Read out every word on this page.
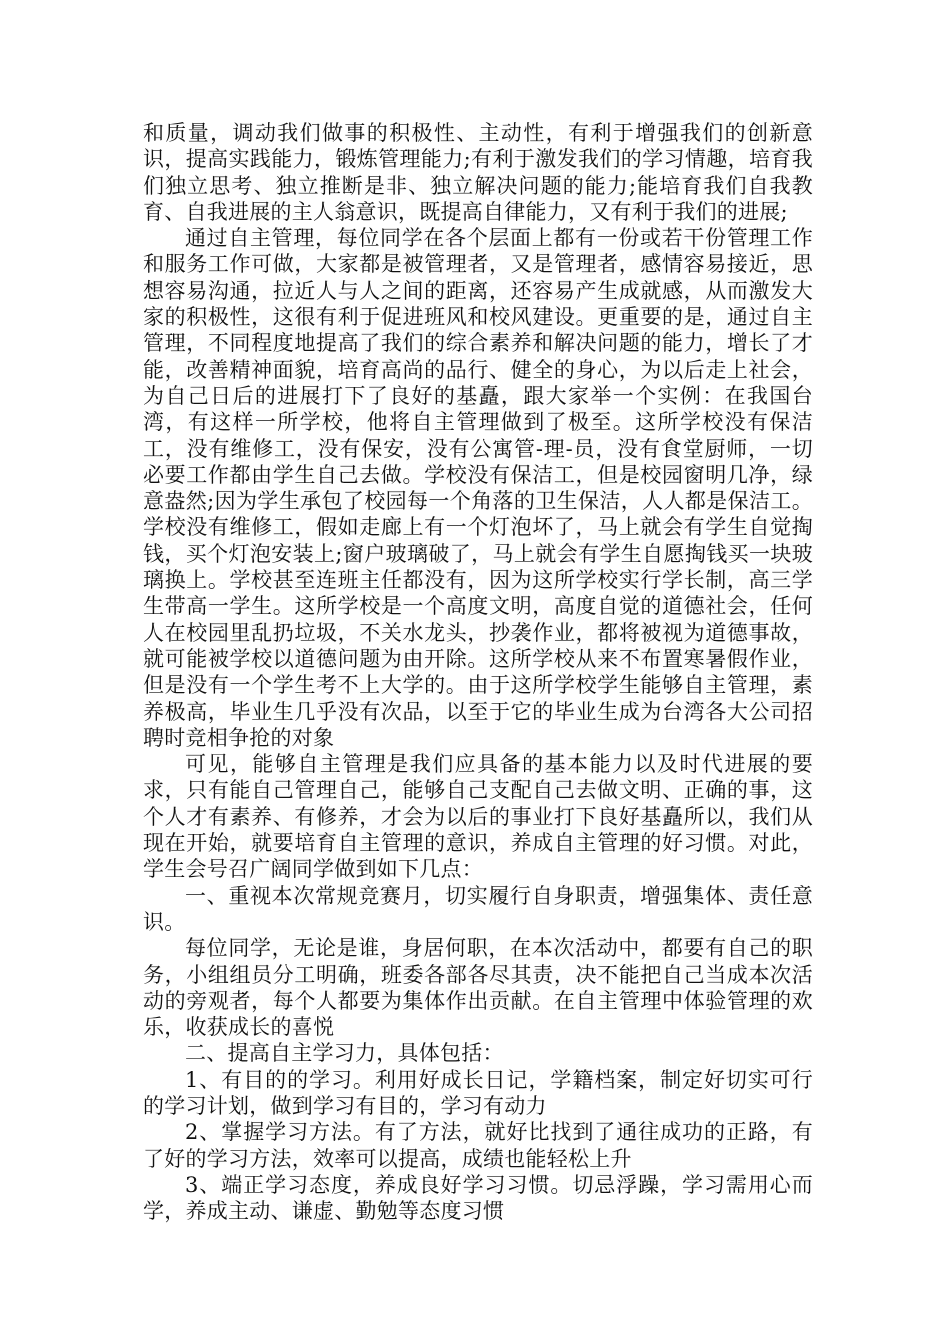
和质量，调动我们做事的积极性、主动性，有利于增强我们的创新意识，提高实践能力，锻炼管理能力;有利于激发我们的学习情趣，培育我们独立思考、独立推断是非、独立解决问题的能力;能培育我们自我教育、自我进展的主人翁意识，既提高自律能力，又有利于我们的进展;

通过自主管理，每位同学在各个层面上都有一份或若干份管理工作和服务工作可做，大家都是被管理者，又是管理者，感情容易接近，思想容易沟通，拉近人与人之间的距离，还容易产生成就感，从而激发大家的积极性，这很有利于促进班风和校风建设。更重要的是，通过自主管理，不同程度地提高了我们的综合素养和解决问题的能力，增长了才能，改善精神面貌，培育高尚的品行、健全的身心，为以后走上社会，为自己日后的进展打下了良好的基矗，跟大家举一个实例：在我国台湾，有这样一所学校，他将自主管理做到了极至。这所学校没有保洁工，没有维修工，没有保安，没有公寓管-理-员，没有食堂厨师，一切必要工作都由学生自己去做。学校没有保洁工，但是校园窗明几净，绿意盎然;因为学生承包了校园每一个角落的卫生保洁，人人都是保洁工。学校没有维修工，假如走廊上有一个灯泡坏了，马上就会有学生自觉掏钱，买个灯泡安装上;窗户玻璃破了，马上就会有学生自愿掏钱买一块玻璃换上。学校甚至连班主任都没有，因为这所学校实行学长制，高三学生带高一学生。这所学校是一个高度文明，高度自觉的道德社会，任何人在校园里乱扔垃圾，不关水龙头，抄袭作业，都将被视为道德事故，就可能被学校以道德问题为由开除。这所学校从来不布置寒暑假作业，但是没有一个学生考不上大学的。由于这所学校学生能够自主管理，素养极高，毕业生几乎没有次品，以至于它的毕业生成为台湾各大公司招聘时竞相争抢的对象

可见，能够自主管理是我们应具备的基本能力以及时代进展的要求，只有能自己管理自己，能够自己支配自己去做文明、正确的事，这个人才有素养、有修养，才会为以后的事业打下良好基矗所以，我们从现在开始，就要培育自主管理的意识，养成自主管理的好习惯。对此，学生会号召广阔同学做到如下几点：

一、重视本次常规竞赛月，切实履行自身职责，增强集体、责任意识。

每位同学，无论是谁，身居何职，在本次活动中，都要有自己的职务，小组组员分工明确，班委各部各尽其责，决不能把自己当成本次活动的旁观者，每个人都要为集体作出贡献。在自主管理中体验管理的欢乐，收获成长的喜悦

二、提高自主学习力，具体包括：

1、有目的的学习。利用好成长日记，学籍档案，制定好切实可行的学习计划，做到学习有目的，学习有动力

2、掌握学习方法。有了方法，就好比找到了通往成功的正路，有了好的学习方法，效率可以提高，成绩也能轻松上升

3、端正学习态度，养成良好学习习惯。切忌浮躁，学习需用心而学，养成主动、谦虚、勤勉等态度习惯
